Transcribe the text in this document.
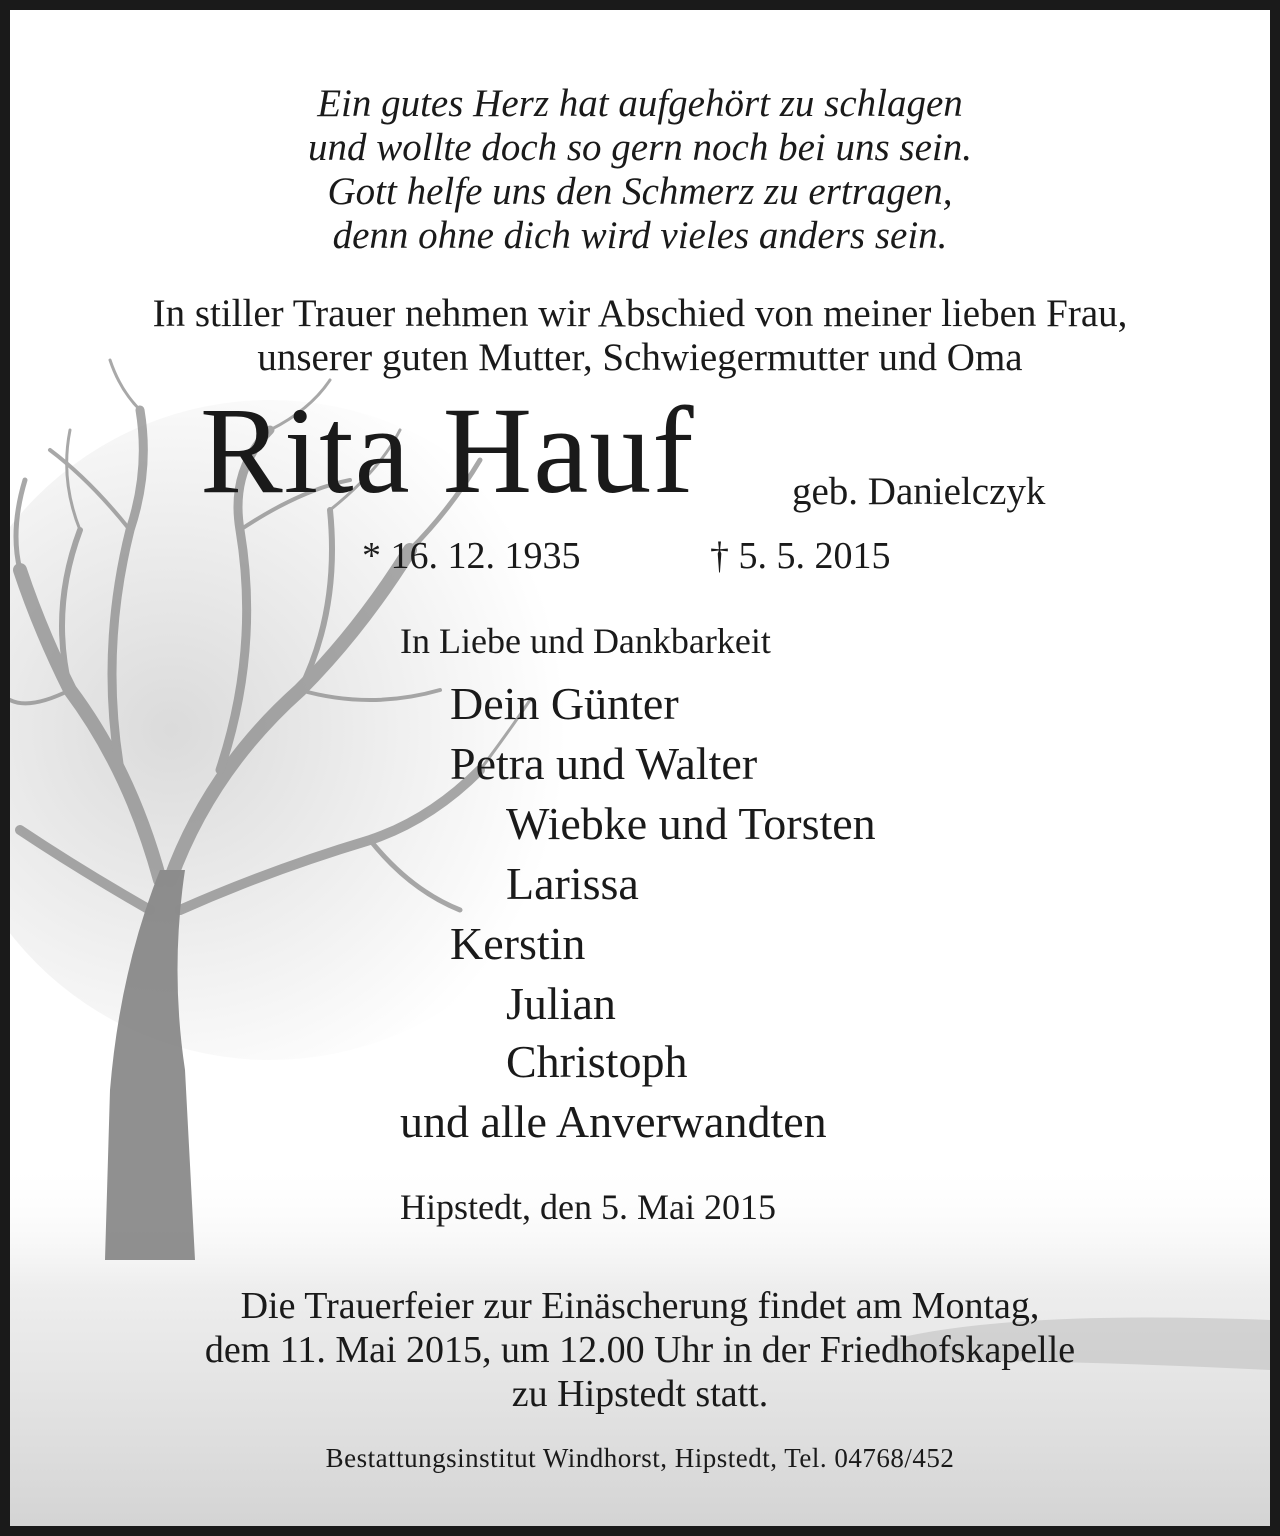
Ein gutes Herz hat aufgehört zu schlagen
und wollte doch so gern noch bei uns sein.
Gott helfe uns den Schmerz zu ertragen,
denn ohne dich wird vieles anders sein.
In stiller Trauer nehmen wir Abschied von meiner lieben Frau,
unserer guten Mutter, Schwiegermutter und Oma
Rita Hauf geb. Danielczyk
* 16. 12. 1935	† 5. 5. 2015
In Liebe und Dankbarkeit
Dein Günter
Petra und Walter
Wiebke und Torsten
Larissa
Kerstin
Julian
Christoph
und alle Anverwandten
Hipstedt, den 5. Mai 2015
Die Trauerfeier zur Einäscherung findet am Montag,
dem 11. Mai 2015, um 12.00 Uhr in der Friedhofskapelle
zu Hipstedt statt.
Bestattungsinstitut Windhorst, Hipstedt, Tel. 04768/452
